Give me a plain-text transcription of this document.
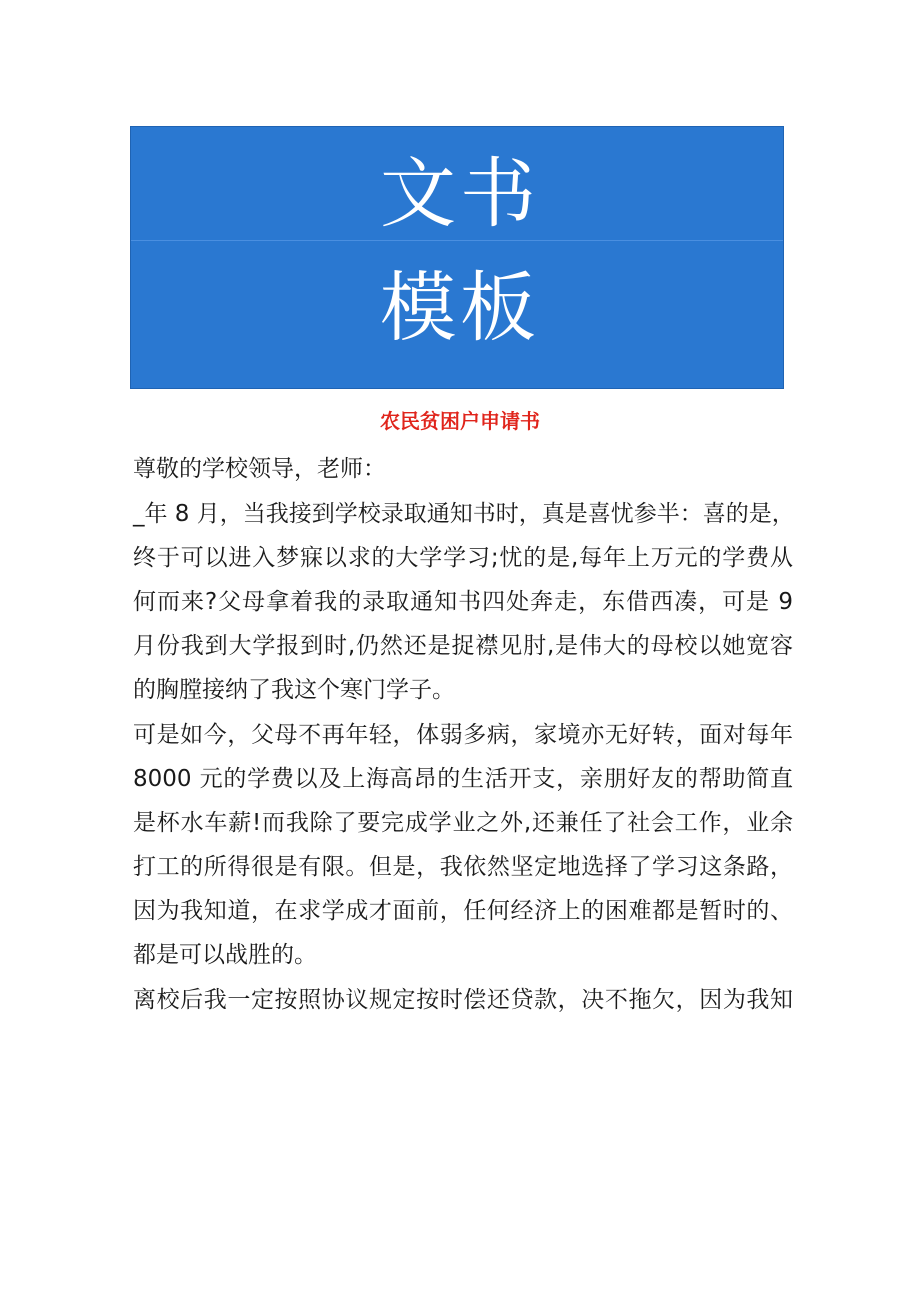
文书
模板
农民贫困户申请书
尊敬的学校领导，老师：
_年 8 月，当我接到学校录取通知书时，真是喜忧参半：喜的是，
终于可以进入梦寐以求的大学学习;忧的是,每年上万元的学费从
何而来?父母拿着我的录取通知书四处奔走，东借西凑，可是 9
月份我到大学报到时,仍然还是捉襟见肘,是伟大的母校以她宽容
的胸膛接纳了我这个寒门学子。
可是如今，父母不再年轻，体弱多病，家境亦无好转，面对每年
8000 元的学费以及上海高昂的生活开支，亲朋好友的帮助简直
是杯水车薪!而我除了要完成学业之外,还兼任了社会工作，业余
打工的所得很是有限。但是，我依然坚定地选择了学习这条路，
因为我知道，在求学成才面前，任何经济上的困难都是暂时的、
都是可以战胜的。
离校后我一定按照协议规定按时偿还贷款，决不拖欠，因为我知
